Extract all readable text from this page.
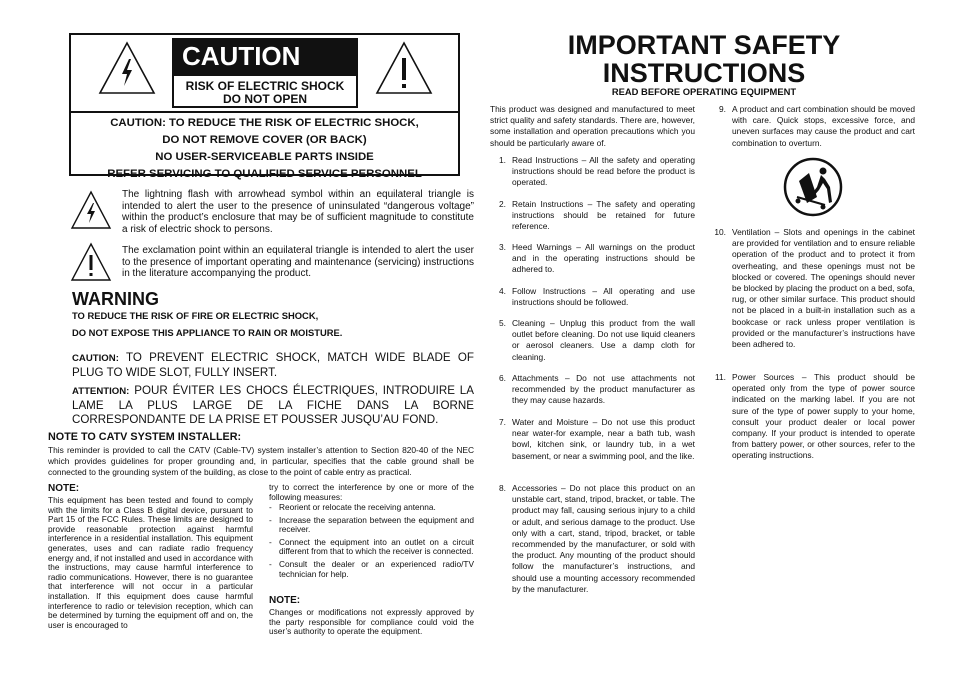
CAUTION
RISK OF ELECTRIC SHOCK
DO NOT OPEN
CAUTION: TO REDUCE THE RISK OF ELECTRIC SHOCK,
DO NOT REMOVE COVER (OR BACK)
NO USER-SERVICEABLE PARTS INSIDE
REFER SERVICING TO QUALIFIED SERVICE PERSONNEL
The lightning flash with arrowhead symbol within an equilateral triangle is intended to alert the user to the presence of uninsulated “dangerous voltage” within the product’s enclosure that may be of sufficient magnitude to constitute a risk of electric shock to persons.
The exclamation point within an equilateral triangle is intended to alert the user to the presence of important operating and maintenance (servicing) instructions in the literature accompanying the product.
WARNING
TO REDUCE THE RISK OF FIRE OR ELECTRIC SHOCK,
DO NOT EXPOSE THIS APPLIANCE TO RAIN OR MOISTURE.
CAUTION: TO PREVENT ELECTRIC SHOCK, MATCH WIDE BLADE OF PLUG TO WIDE SLOT, FULLY INSERT.
ATTENTION: POUR ÉVITER LES CHOCS ÉLECTRIQUES, INTRODUIRE LA LAME LA PLUS LARGE DE LA FICHE DANS LA BORNE CORRESPONDANTE DE LA PRISE ET POUSSER JUSQU’AU FOND.
NOTE TO CATV SYSTEM INSTALLER:
This reminder is provided to call the CATV (Cable-TV) system installer’s attention to Section 820-40 of the NEC which provides guidelines for proper grounding and, in particular, specifies that the cable ground shall be connected to the grounding system of the building, as close to the point of cable entry as practical.
NOTE:
This equipment has been tested and found to comply with the limits for a Class B digital device, pursuant to Part 15 of the FCC Rules. These limits are designed to provide reasonable protection against harmful interference in a residential installation. This equipment generates, uses and can radiate radio frequency energy and, if not installed and used in accordance with the instructions, may cause harmful interference to radio communications. However, there is no guarantee that interference will not occur in a particular installation. If this equipment does cause harmful interference to radio or television reception, which can be determined by turning the equipment off and on, the user is encouraged to
try to correct the interference by one or more of the following measures:
- Reorient or relocate the receiving antenna.
- Increase the separation between the equipment and receiver.
- Connect the equipment into an outlet on a circuit different from that to which the receiver is connected.
- Consult the dealer or an experienced radio/TV technician for help.
NOTE:
Changes or modifications not expressly approved by the party responsible for compliance could void the user’s authority to operate the equipment.
IMPORTANT SAFETY
INSTRUCTIONS
READ BEFORE OPERATING EQUIPMENT
This product was designed and manufactured to meet strict quality and safety standards. There are, however, some installation and operation precautions which you should be particularly aware of.
1. Read Instructions – All the safety and operating instructions should be read before the product is operated.
2. Retain Instructions – The safety and operating instructions should be retained for future reference.
3. Heed Warnings – All warnings on the product and in the operating instructions should be adhered to.
4. Follow Instructions – All operating and use instructions should be followed.
5. Cleaning – Unplug this product from the wall outlet before cleaning. Do not use liquid cleaners or aerosol cleaners. Use a damp cloth for cleaning.
6. Attachments – Do not use attachments not recommended by the product manufacturer as they may cause hazards.
7. Water and Moisture – Do not use this product near water-for example, near a bath tub, wash bowl, kitchen sink, or laundry tub, in a wet basement, or near a swimming pool, and the like.
8. Accessories – Do not place this product on an unstable cart, stand, tripod, bracket, or table. The product may fall, causing serious injury to a child or adult, and serious damage to the product. Use only with a cart, stand, tripod, bracket, or table recommended by the manufacturer, or sold with the product. Any mounting of the product should follow the manufacturer’s instructions, and should use a mounting accessory recommended by the manufacturer.
9. A product and cart combination should be moved with care. Quick stops, excessive force, and uneven surfaces may cause the product and cart combination to overturn.
10. Ventilation – Slots and openings in the cabinet are provided for ventilation and to ensure reliable operation of the product and to protect it from overheating, and these openings must not be blocked or covered. The openings should never be blocked by placing the product on a bed, sofa, rug, or other similar surface. This product should not be placed in a built-in installation such as a bookcase or rack unless proper ventilation is provided or the manufacturer’s instructions have been adhered to.
11. Power Sources – This product should be operated only from the type of power source indicated on the marking label. If you are not sure of the type of power supply to your home, consult your product dealer or local power company. If your product is intended to operate from battery power, or other sources, refer to the operating instructions.
